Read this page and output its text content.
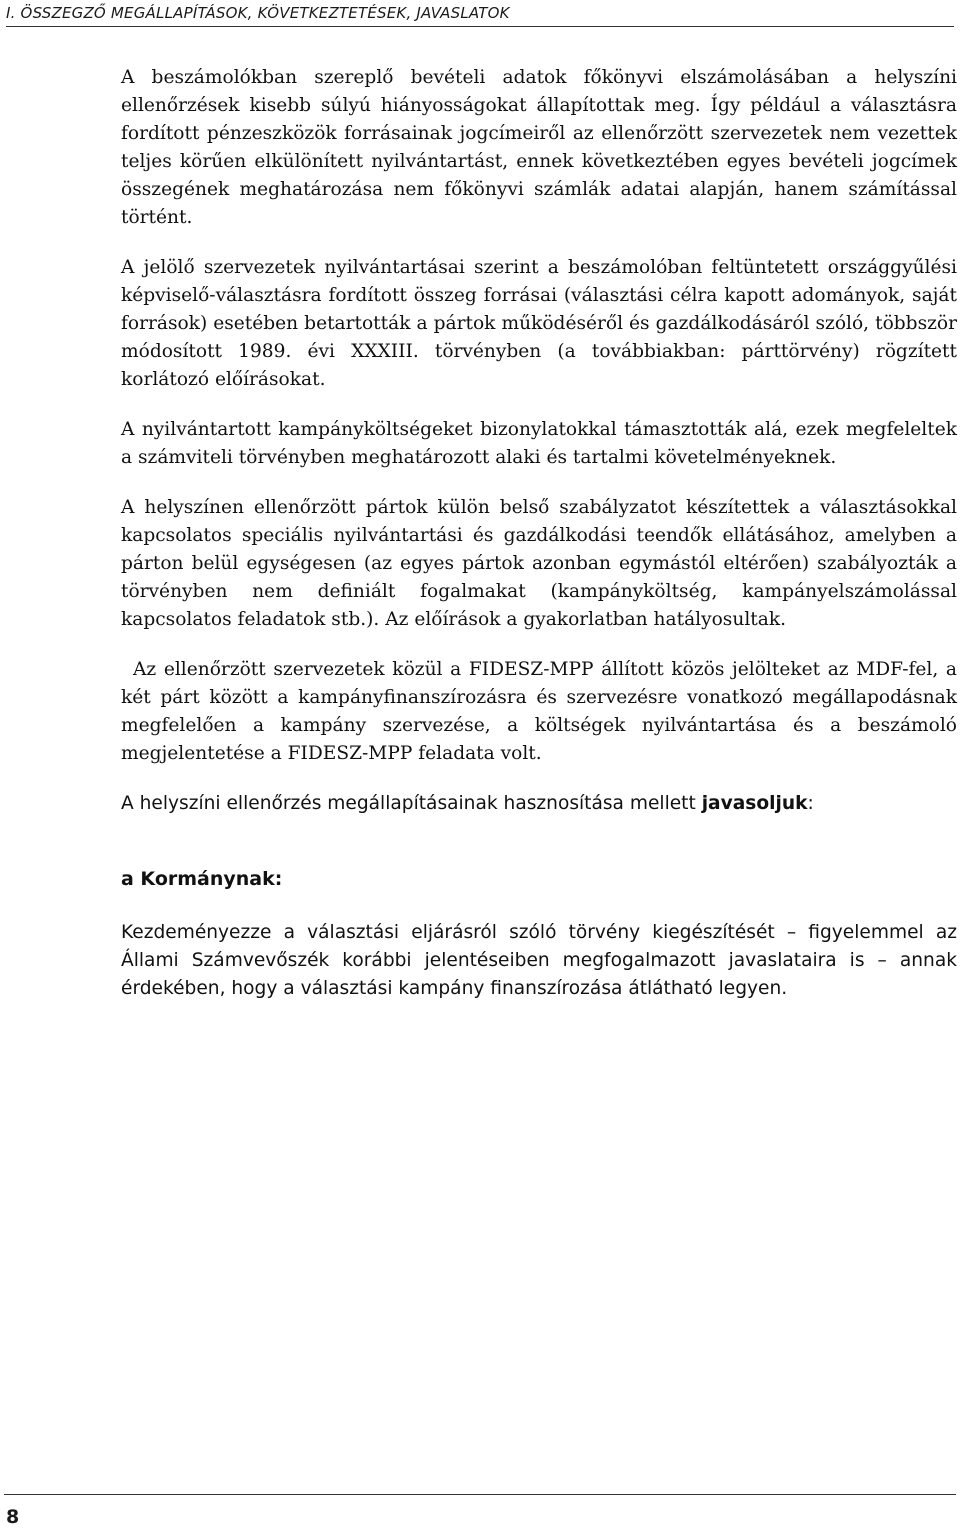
I. ÖSSZEGZŐ MEGÁLLAPÍTÁSOK, KÖVETKEZTETÉSEK, JAVASLATOK

A beszámolókban szereplő bevételi adatok főkönyvi elszámolásában a helyszíni ellenőrzések kisebb súlyú hiányosságokat állapítottak meg. Így például a választásra fordított pénzeszközök forrásainak jogcímeiről az ellenőrzött szervezetek nem vezettek teljes körűen elkülönített nyilvántartást, ennek következtében egyes bevételi jogcímek összegének meghatározása nem főkönyvi számlák adatai alapján, hanem számítással történt.

A jelölő szervezetek nyilvántartásai szerint a beszámolóban feltüntetett országgyűlési képviselő-választásra fordított összeg forrásai (választási célra kapott adományok, saját források) esetében betartották a pártok működéséről és gazdálkodásáról szóló, többször módosított 1989. évi XXXIII. törvényben (a továbbiakban: párttörvény) rögzített korlátozó előírásokat.

A nyilvántartott kampányköltségeket bizonylatokkal támasztották alá, ezek megfeleltek a számviteli törvényben meghatározott alaki és tartalmi követelményeknek.

A helyszínen ellenőrzött pártok külön belső szabályzatot készítettek a választásokkal kapcsolatos speciális nyilvántartási és gazdálkodási teendők ellátásához, amelyben a párton belül egységesen (az egyes pártok azonban egymástól eltérően) szabályozták a törvényben nem definiált fogalmakat (kampányköltség, kampányelszámolással kapcsolatos feladatok stb.). Az előírások a gyakorlatban hatályosultak.

Az ellenőrzött szervezetek közül a FIDESZ-MPP állított közös jelölteket az MDF-fel, a két párt között a kampányfinanszírozásra és szervezésre vonatkozó megállapodásnak megfelelően a kampány szervezése, a költségek nyilvántartása és a beszámoló megjelentetése a FIDESZ-MPP feladata volt.

A helyszíni ellenőrzés megállapításainak hasznosítása mellett javasoljuk:

a Kormánynak:

Kezdeményezze a választási eljárásról szóló törvény kiegészítését – figyelemmel az Állami Számvevőszék korábbi jelentéseiben megfogalmazott javaslataira is – annak érdekében, hogy a választási kampány finanszírozása átlátható legyen.

8
